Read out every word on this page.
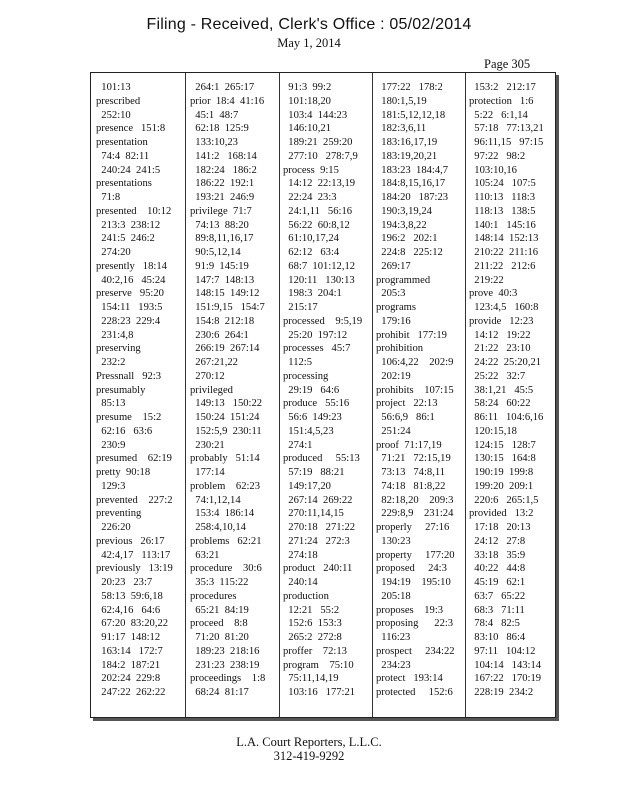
Filing - Received, Clerk's Office : 05/02/2014
May 1, 2014
Page 305
101:13
prescribed
252:10
presence   151:8
presentation
74:4  82:11
240:24  241:5
presentations
71:8
presented    10:12
213:3  238:12
241:5  246:2
274:20
presently   18:14
40:2,16   45:24
preserve   95:20
154:11   193:5
228:23  229:4
231:4,8
preserving
232:2
Pressnall   92:3
presumably
85:13
presume    15:2
62:16   63:6
230:9
presumed    62:19
pretty  90:18
129:3
prevented    227:2
preventing
226:20
previous   26:17
42:4,17   113:17
previously   13:19
20:23   23:7
58:13  59:6,18
62:4,16   64:6
67:20  83:20,22
91:17  148:12
163:14   172:7
184:2  187:21
202:24  229:8
247:22  262:22
264:1  265:17
prior  18:4  41:16
45:1  48:7
62:18  125:9
133:10,23
141:2   168:14
182:24   186:2
186:22  192:1
193:21  246:9
privilege  71:7
74:13  88:20
89:8,11,16,17
90:5,12,14
91:9  145:19
147:7  148:13
148:15  149:12
151:9,15   154:7
154:8  212:18
230:6  264:1
266:19  267:14
267:21,22
270:12
privileged
149:13   150:22
150:24  151:24
152:5,9  230:11
230:21
probably   51:14
177:14
problem    62:23
74:1,12,14
153:4  186:14
258:4,10,14
problems   62:21
63:21
procedure    30:6
35:3  115:22
procedures
65:21  84:19
proceed    8:8
71:20  81:20
189:23  218:16
231:23  238:19
proceedings    1:8
68:24  81:17
91:3  99:2
101:18,20
103:4  144:23
146:10,21
189:21  259:20
277:10   278:7,9
process  9:15
14:12  22:13,19
22:24  23:3
24:1,11   56:16
56:22  60:8,12
61:10,17,24
62:12   63:4
68:7  101:12,12
120:11   130:13
198:3  204:1
215:17
processed    9:5,19
25:20  197:12
processes   45:7
112:5
processing
29:19   64:6
produce   55:16
56:6  149:23
151:4,5,23
274:1
produced     55:13
57:19   88:21
149:17,20
267:14  269:22
270:11,14,15
270:18   271:22
271:24   272:3
274:18
product   240:11
240:14
production
12:21   55:2
152:6  153:3
265:2  272:8
proffer    72:13
program    75:10
75:11,14,19
103:16   177:21
177:22   178:2
180:1,5,19
181:5,12,12,18
182:3,6,11
183:16,17,19
183:19,20,21
183:23  184:4,7
184:8,15,16,17
184:20   187:23
190:3,19,24
194:3,8,22
196:2   202:1
224:8   225:12
269:17
programmed
205:3
programs
179:16
prohibit   177:19
prohibition
106:4,22    202:9
202:19
prohibits    107:15
project   22:13
56:6,9   86:1
251:24
proof  71:17,19
71:21   72:15,19
73:13   74:8,11
74:18   81:8,22
82:18,20    209:3
229:8,9    231:24
properly     27:16
130:23
property     177:20
proposed     24:3
194:19    195:10
205:18
proposes    19:3
proposing      22:3
116:23
prospect     234:22
234:23
protect   193:14
protected     152:6
153:2   212:17
protection   1:6
5:22   6:1,14
57:18   77:13,21
96:11,15   97:15
97:22   98:2
103:10,16
105:24   107:5
110:13   118:3
118:13   138:5
140:1   145:16
148:14  152:13
210:22  211:16
211:22   212:6
219:22
prove  40:3
123:4,5   160:8
provide   12:23
14:12   19:22
21:22   23:10
24:22  25:20,21
25:22   32:7
38:1,21   45:5
58:24   60:22
86:11   104:6,16
120:15,18
124:15   128:7
130:15   164:8
190:19  199:8
199:20  209:1
220:6   265:1,5
provided   13:2
17:18   20:13
24:12   27:8
33:18   35:9
40:22   44:8
45:19   62:1
63:7   65:22
68:3   71:11
78:4   82:5
83:10   86:4
97:11   104:12
104:14   143:14
167:22   170:19
228:19  234:2
L.A. Court Reporters, L.L.C.
312-419-9292
